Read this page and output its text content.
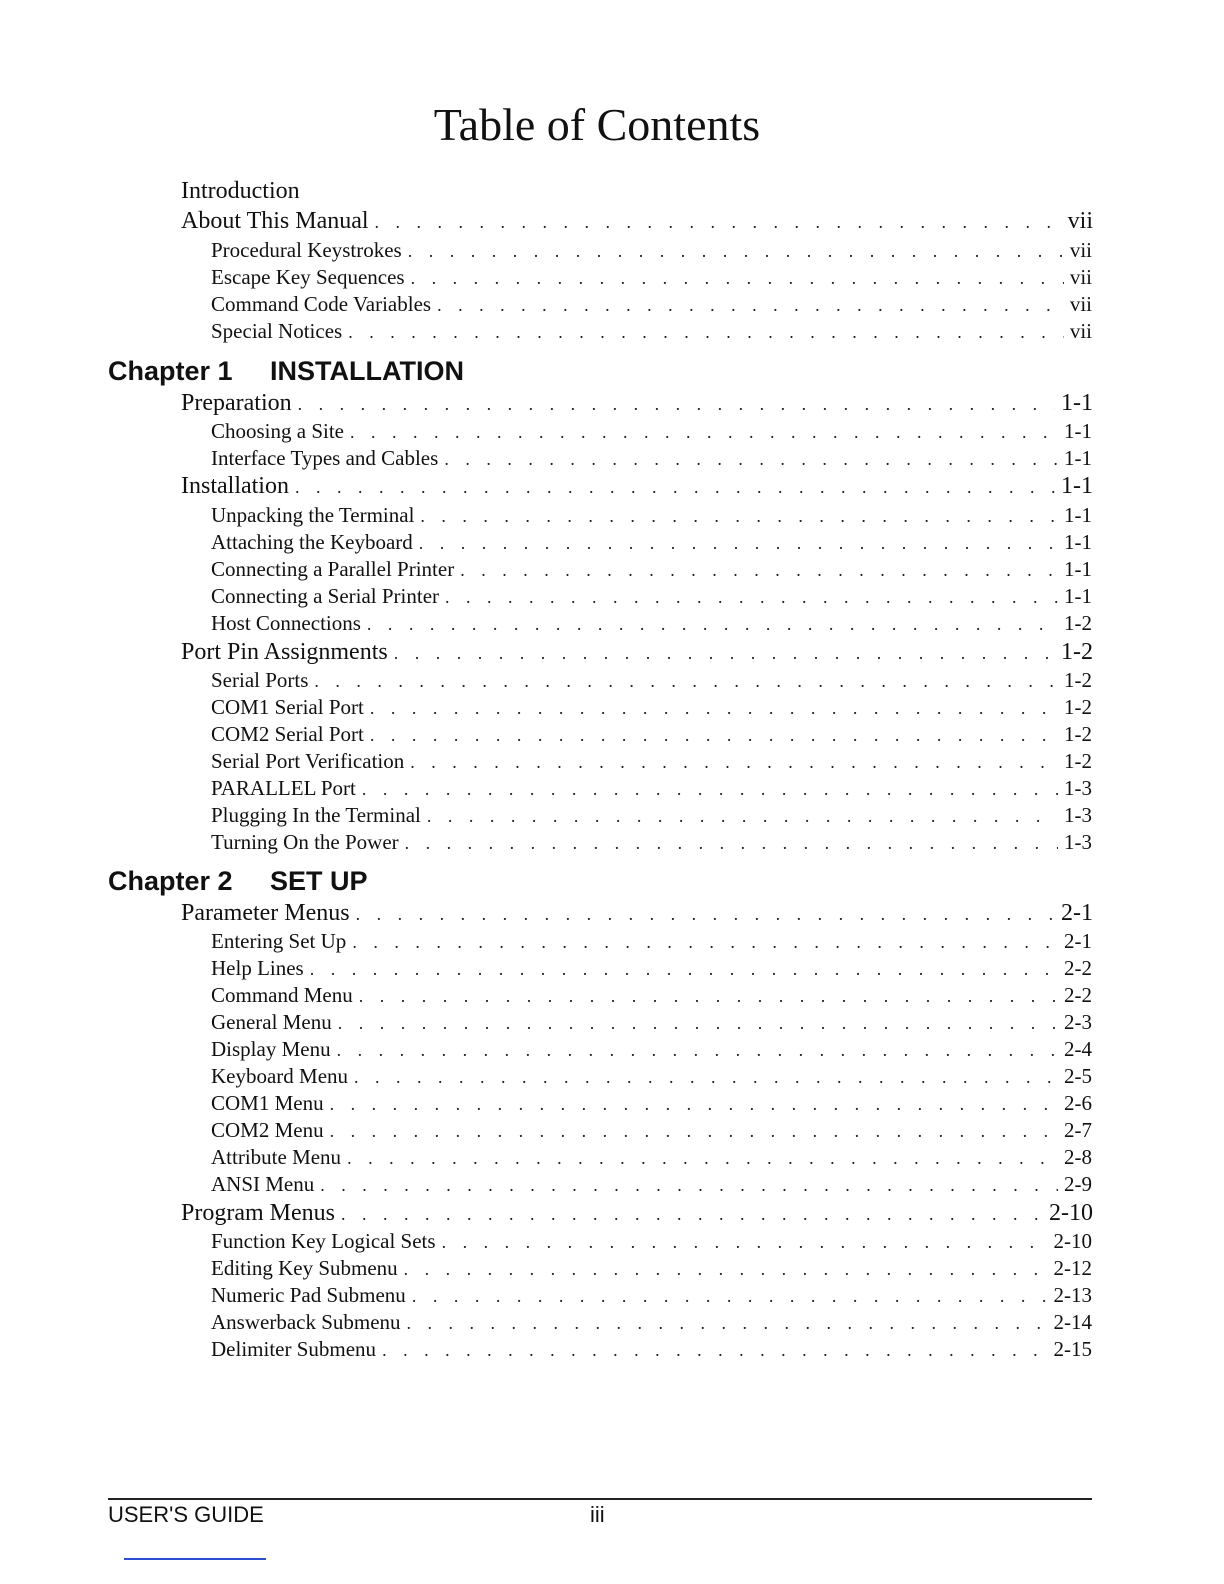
Table of Contents
Introduction
About This Manual . . .	vii
Procedural Keystrokes . . .	vii
Escape Key Sequences . . .	vii
Command Code Variables . . .	vii
Special Notices . . .	vii
Chapter 1	INSTALLATION
Preparation . . .	1-1
Choosing a Site . . .	1-1
Interface Types and Cables . . .	1-1
Installation . . .	1-1
Unpacking the Terminal . . .	1-1
Attaching the Keyboard . . .	1-1
Connecting a Parallel Printer . . .	1-1
Connecting a Serial Printer . . .	1-1
Host Connections . . .	1-2
Port Pin Assignments . . .	1-2
Serial Ports . . .	1-2
COM1 Serial Port . . .	1-2
COM2 Serial Port . . .	1-2
Serial Port Verification . . .	1-2
PARALLEL Port . . .	1-3
Plugging In the Terminal . . .	1-3
Turning On the Power . . .	1-3
Chapter 2	SET UP
Parameter Menus . . .	2-1
Entering Set Up . . .	2-1
Help Lines . . .	2-2
Command Menu . . .	2-2
General Menu . . .	2-3
Display Menu . . .	2-4
Keyboard Menu . . .	2-5
COM1 Menu . . .	2-6
COM2 Menu . . .	2-7
Attribute Menu . . .	2-8
ANSI Menu . . .	2-9
Program Menus . . .	2-10
Function Key Logical Sets . . .	2-10
Editing Key Submenu . . .	2-12
Numeric Pad Submenu . . .	2-13
Answerback Submenu . . .	2-14
Delimiter Submenu . . .	2-15
USER'S GUIDE	iii
